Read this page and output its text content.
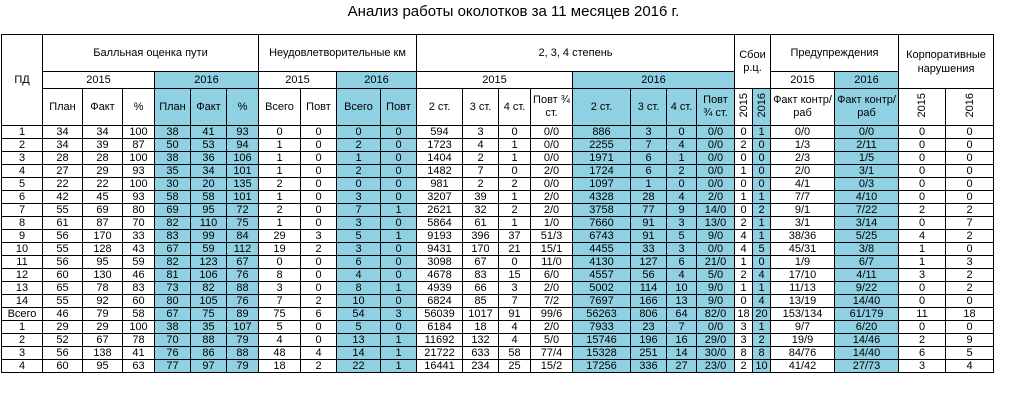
Анализ работы околотков за 11 месяцев 2016 г.
ПД	Балльная оценка пути						Неудовлетворительные км				2, 3, 4 степень								Сбои р.ц.		Предупреждения		Корпоративные нарушения	
	2015			2016			2015		2016		2015				2016						2015	2016		
	План	Факт	%	План	Факт	%	Всего	Повт	Всего	Повт	2 ст.	3 ст.	4 ст.	Повт ¾ ст.	2 ст.	3 ст.	4 ст.	Повт ¾ ст.	2015	2016	Факт контр/раб	Факт контр/раб	2015	2016
1	34	34	100	38	41	93	0	0	0	0	594	3	0	0/0	886	3	0	0/0	0	1	0/0	0/0	0	0
2	34	39	87	50	53	94	1	0	2	0	1723	4	1	0/0	2255	7	4	0/0	2	0	1/3	2/11	0	0
3	28	28	100	38	36	106	1	0	1	0	1404	2	1	0/0	1971	6	1	0/0	0	0	2/3	1/5	0	0
4	27	29	93	35	34	101	1	0	2	0	1482	7	0	2/0	1724	6	2	0/0	1	0	2/0	3/1	0	0
5	22	22	100	30	20	135	2	0	0	0	981	2	2	0/0	1097	1	0	0/0	0	0	4/1	0/3	0	0
6	42	45	93	58	58	101	1	0	3	0	3207	39	1	2/0	4328	28	4	2/0	1	1	7/7	4/10	0	0
7	55	69	80	69	95	72	2	0	7	1	2621	32	2	2/0	3758	77	9	14/0	0	2	9/1	7/22	2	2
8	61	87	70	82	110	75	1	0	3	0	5864	61	1	1/0	7660	91	3	13/0	2	1	3/1	3/14	0	7
9	56	170	33	83	99	84	29	3	5	1	9193	396	37	51/3	6743	91	5	9/0	4	1	38/36	5/25	4	2
10	55	128	43	67	59	112	19	2	3	0	9431	170	21	15/1	4455	33	3	0/0	4	5	45/31	3/8	1	0
11	56	95	59	82	123	67	0	0	6	0	3098	67	0	11/0	4130	127	6	21/0	1	0	1/9	6/7	1	3
12	60	130	46	81	106	76	8	0	4	0	4678	83	15	6/0	4557	56	4	5/0	2	4	17/10	4/11	3	2
13	65	78	83	73	82	88	3	0	8	1	4939	66	3	2/0	5002	114	10	9/0	1	1	11/13	9/22	0	2
14	55	92	60	80	105	76	7	2	10	0	6824	85	7	7/2	7697	166	13	9/0	0	4	13/19	14/40	0	0
Всего	46	79	58	67	75	89	75	6	54	3	56039	1017	91	99/6	56263	806	64	82/0	18	20	153/134	61/179	11	18
1	29	29	100	38	35	107	5	0	5	0	6184	18	4	2/0	7933	23	7	0/0	3	1	9/7	6/20	0	0
2	52	67	78	70	88	79	4	0	13	1	11692	132	4	5/0	15746	196	16	29/0	3	2	19/9	14/46	2	9
3	56	138	41	76	86	88	48	4	14	1	21722	633	58	77/4	15328	251	14	30/0	8	8	84/76	14/40	6	5
4	60	95	63	77	97	79	18	2	22	1	16441	234	25	15/2	17256	336	27	23/0	2	10	41/42	27/73	3	4
